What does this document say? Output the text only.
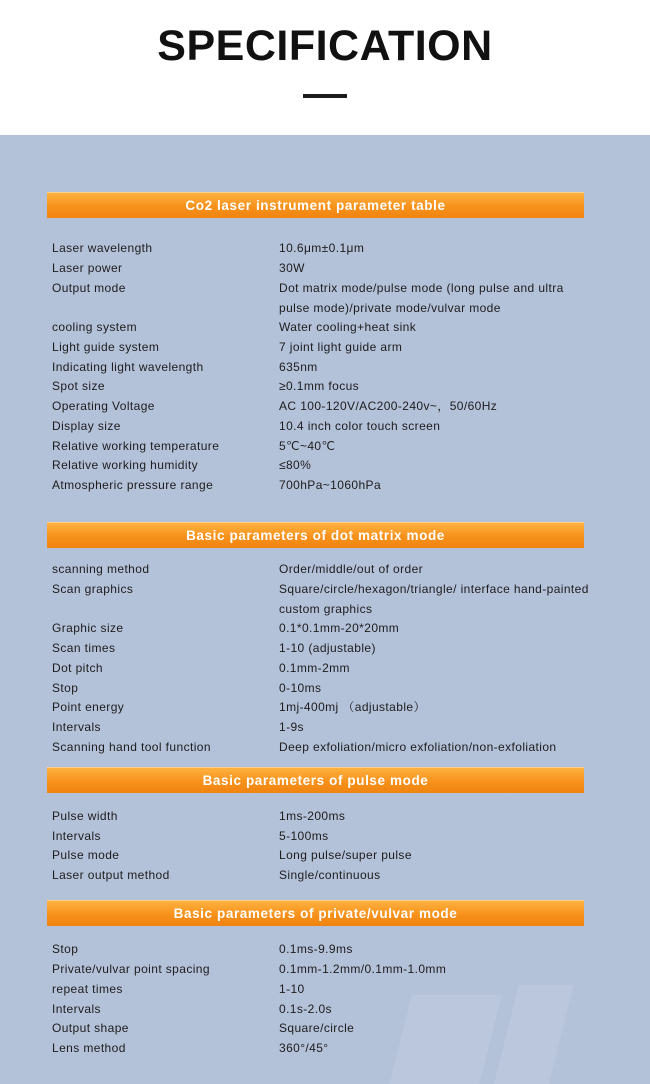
SPECIFICATION
Co2 laser instrument parameter table
Laser wavelength	10.6μm±0.1μm
Laser power	30W
Output mode	Dot matrix mode/pulse mode (long pulse and ultra pulse mode)/private mode/vulvar mode
cooling system	Water cooling+heat sink
Light guide system	7 joint light guide arm
Indicating light wavelength	635nm
Spot size	≥0.1mm focus
Operating Voltage	AC 100-120V/AC200-240v~，50/60Hz
Display size	10.4 inch color touch screen
Relative working temperature	5℃~40℃
Relative working humidity	≤80%
Atmospheric pressure range	700hPa~1060hPa
Basic parameters of dot matrix mode
scanning method	Order/middle/out of order
Scan graphics	Square/circle/hexagon/triangle/ interface hand-painted custom graphics
Graphic size	0.1*0.1mm-20*20mm
Scan times	1-10 (adjustable)
Dot pitch	0.1mm-2mm
Stop	0-10ms
Point energy	1mj-400mj （adjustable）
Intervals	1-9s
Scanning hand tool function	Deep exfoliation/micro exfoliation/non-exfoliation
Basic parameters of pulse mode
Pulse width	1ms-200ms
Intervals	5-100ms
Pulse mode	Long pulse/super pulse
Laser output method	Single/continuous
Basic parameters of private/vulvar mode
Stop	0.1ms-9.9ms
Private/vulvar point spacing	0.1mm-1.2mm/0.1mm-1.0mm
repeat times	1-10
Intervals	0.1s-2.0s
Output shape	Square/circle
Lens method	360°/45°
